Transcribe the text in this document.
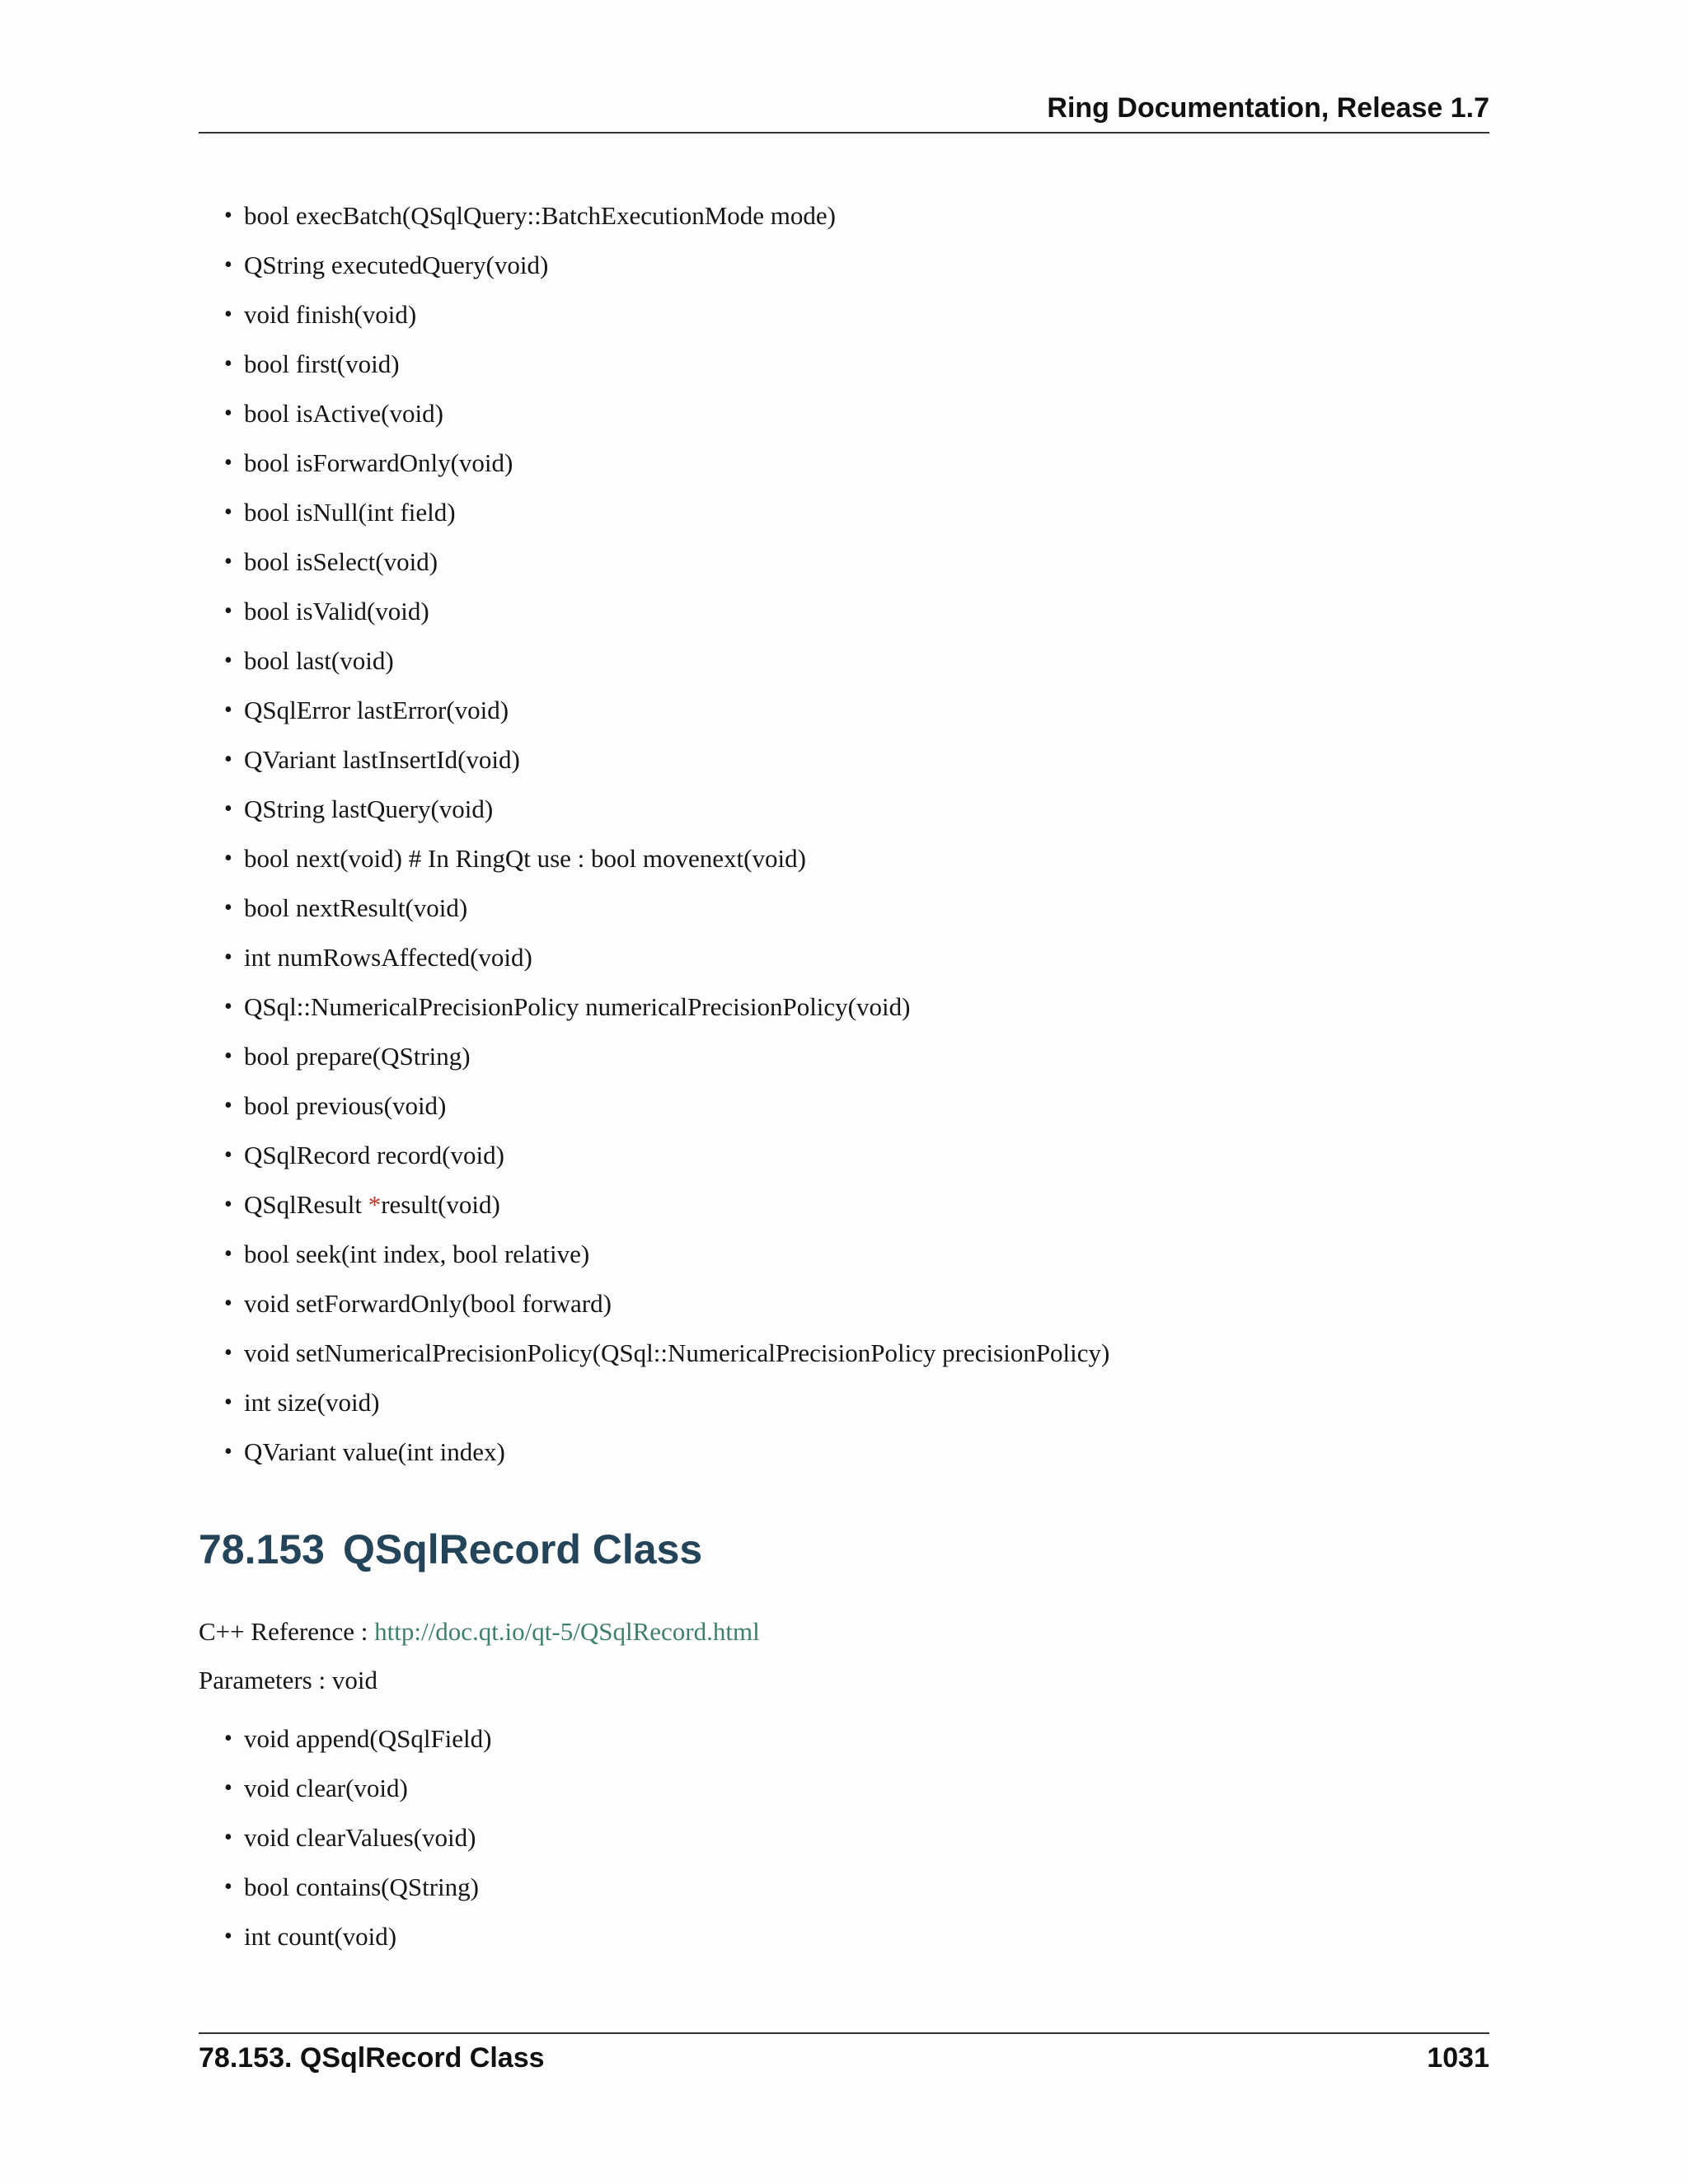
Ring Documentation, Release 1.7
• bool execBatch(QSqlQuery::BatchExecutionMode mode)
• QString executedQuery(void)
• void finish(void)
• bool first(void)
• bool isActive(void)
• bool isForwardOnly(void)
• bool isNull(int field)
• bool isSelect(void)
• bool isValid(void)
• bool last(void)
• QSqlError lastError(void)
• QVariant lastInsertId(void)
• QString lastQuery(void)
• bool next(void) # In RingQt use : bool movenext(void)
• bool nextResult(void)
• int numRowsAffected(void)
• QSql::NumericalPrecisionPolicy numericalPrecisionPolicy(void)
• bool prepare(QString)
• bool previous(void)
• QSqlRecord record(void)
• QSqlResult *result(void)
• bool seek(int index, bool relative)
• void setForwardOnly(bool forward)
• void setNumericalPrecisionPolicy(QSql::NumericalPrecisionPolicy precisionPolicy)
• int size(void)
• QVariant value(int index)
78.153 QSqlRecord Class
C++ Reference : http://doc.qt.io/qt-5/QSqlRecord.html
Parameters : void
• void append(QSqlField)
• void clear(void)
• void clearValues(void)
• bool contains(QString)
• int count(void)
78.153. QSqlRecord Class	1031
